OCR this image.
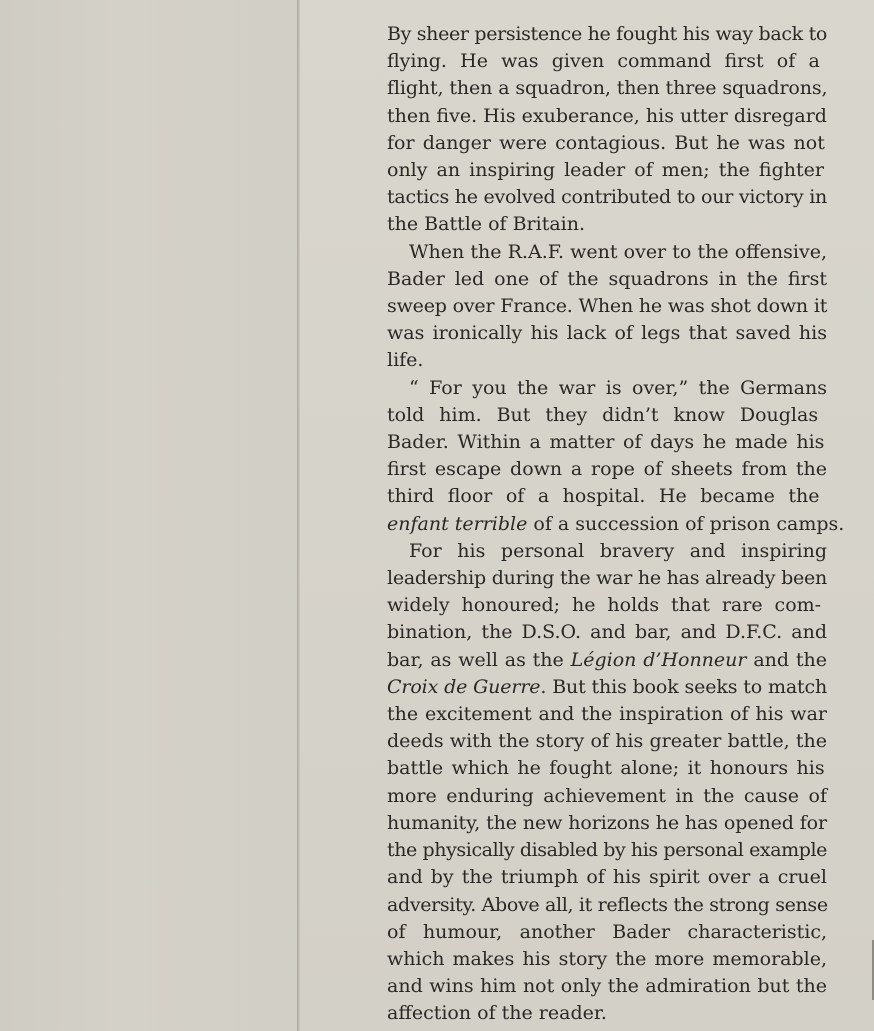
By sheer persistence he fought his way back to
flying. He was given command first of a
flight, then a squadron, then three squadrons,
then five. His exuberance, his utter disregard
for danger were contagious. But he was not
only an inspiring leader of men; the fighter
tactics he evolved contributed to our victory in
the Battle of Britain.
When the R.A.F. went over to the offensive,
Bader led one of the squadrons in the first
sweep over France. When he was shot down it
was ironically his lack of legs that saved his
life.
“ For you the war is over,” the Germans
told him. But they didn’t know Douglas
Bader. Within a matter of days he made his
first escape down a rope of sheets from the
third floor of a hospital. He became the
enfant terrible of a succession of prison camps.
For his personal bravery and inspiring
leadership during the war he has already been
widely honoured; he holds that rare com-
bination, the D.S.O. and bar, and D.F.C. and
bar, as well as the Légion d’Honneur and the
Croix de Guerre. But this book seeks to match
the excitement and the inspiration of his war
deeds with the story of his greater battle, the
battle which he fought alone; it honours his
more enduring achievement in the cause of
humanity, the new horizons he has opened for
the physically disabled by his personal example
and by the triumph of his spirit over a cruel
adversity. Above all, it reflects the strong sense
of humour, another Bader characteristic,
which makes his story the more memorable,
and wins him not only the admiration but the
affection of the reader.
